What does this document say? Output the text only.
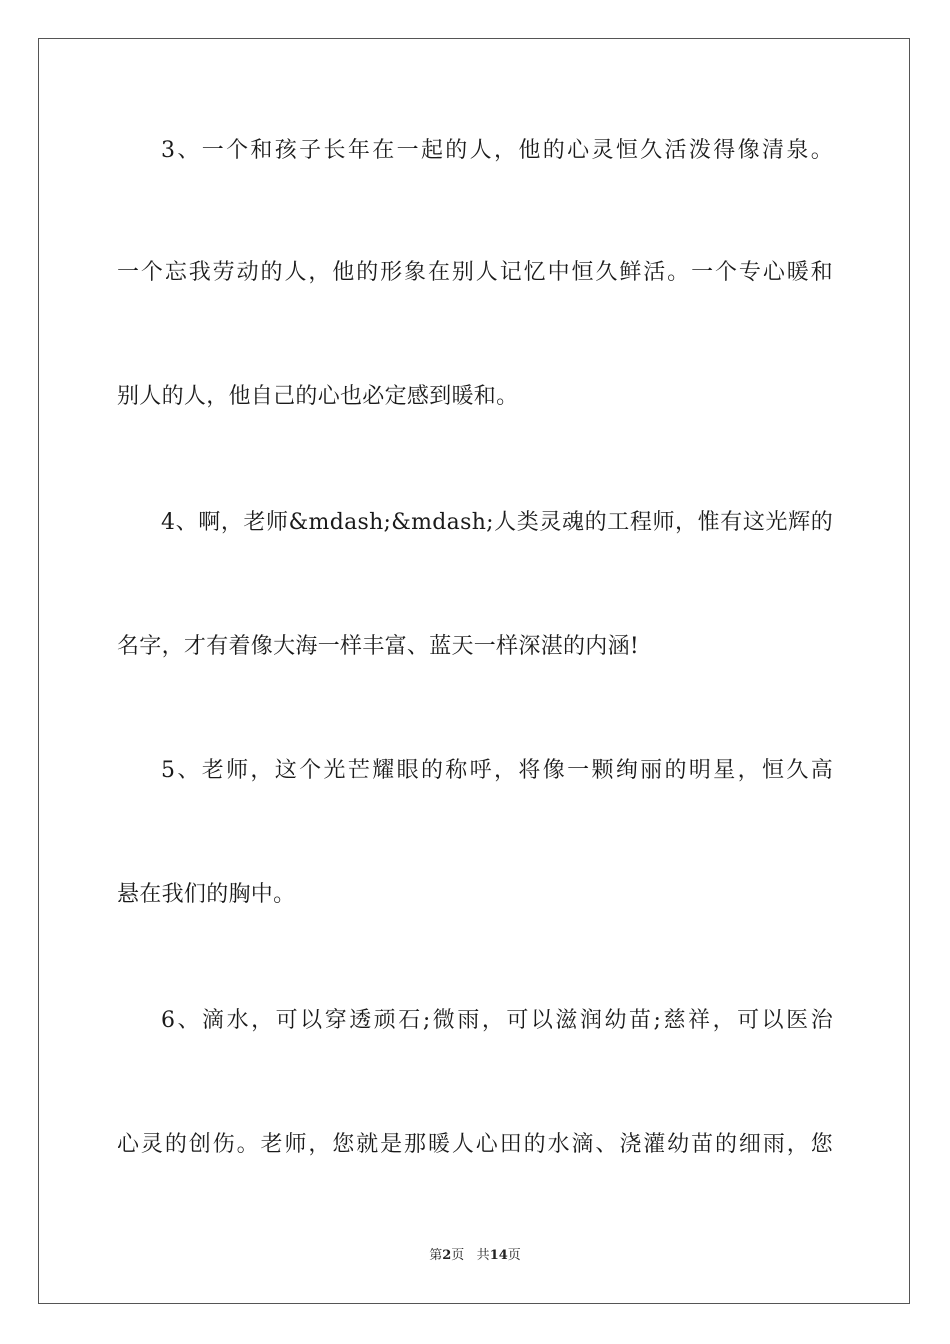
3、一个和孩子长年在一起的人，他的心灵恒久活泼得像清泉。
一个忘我劳动的人，他的形象在别人记忆中恒久鲜活。一个专心暖和
别人的人，他自己的心也必定感到暖和。
4、啊，老师&mdash;&mdash;人类灵魂的工程师，惟有这光辉的
名字，才有着像大海一样丰富、蓝天一样深湛的内涵!
5、老师，这个光芒耀眼的称呼，将像一颗绚丽的明星，恒久高
悬在我们的胸中。
6、滴水，可以穿透顽石;微雨，可以滋润幼苗;慈祥，可以医治
心灵的创伤。老师，您就是那暖人心田的水滴、浇灌幼苗的细雨，您
第2页 共14页
